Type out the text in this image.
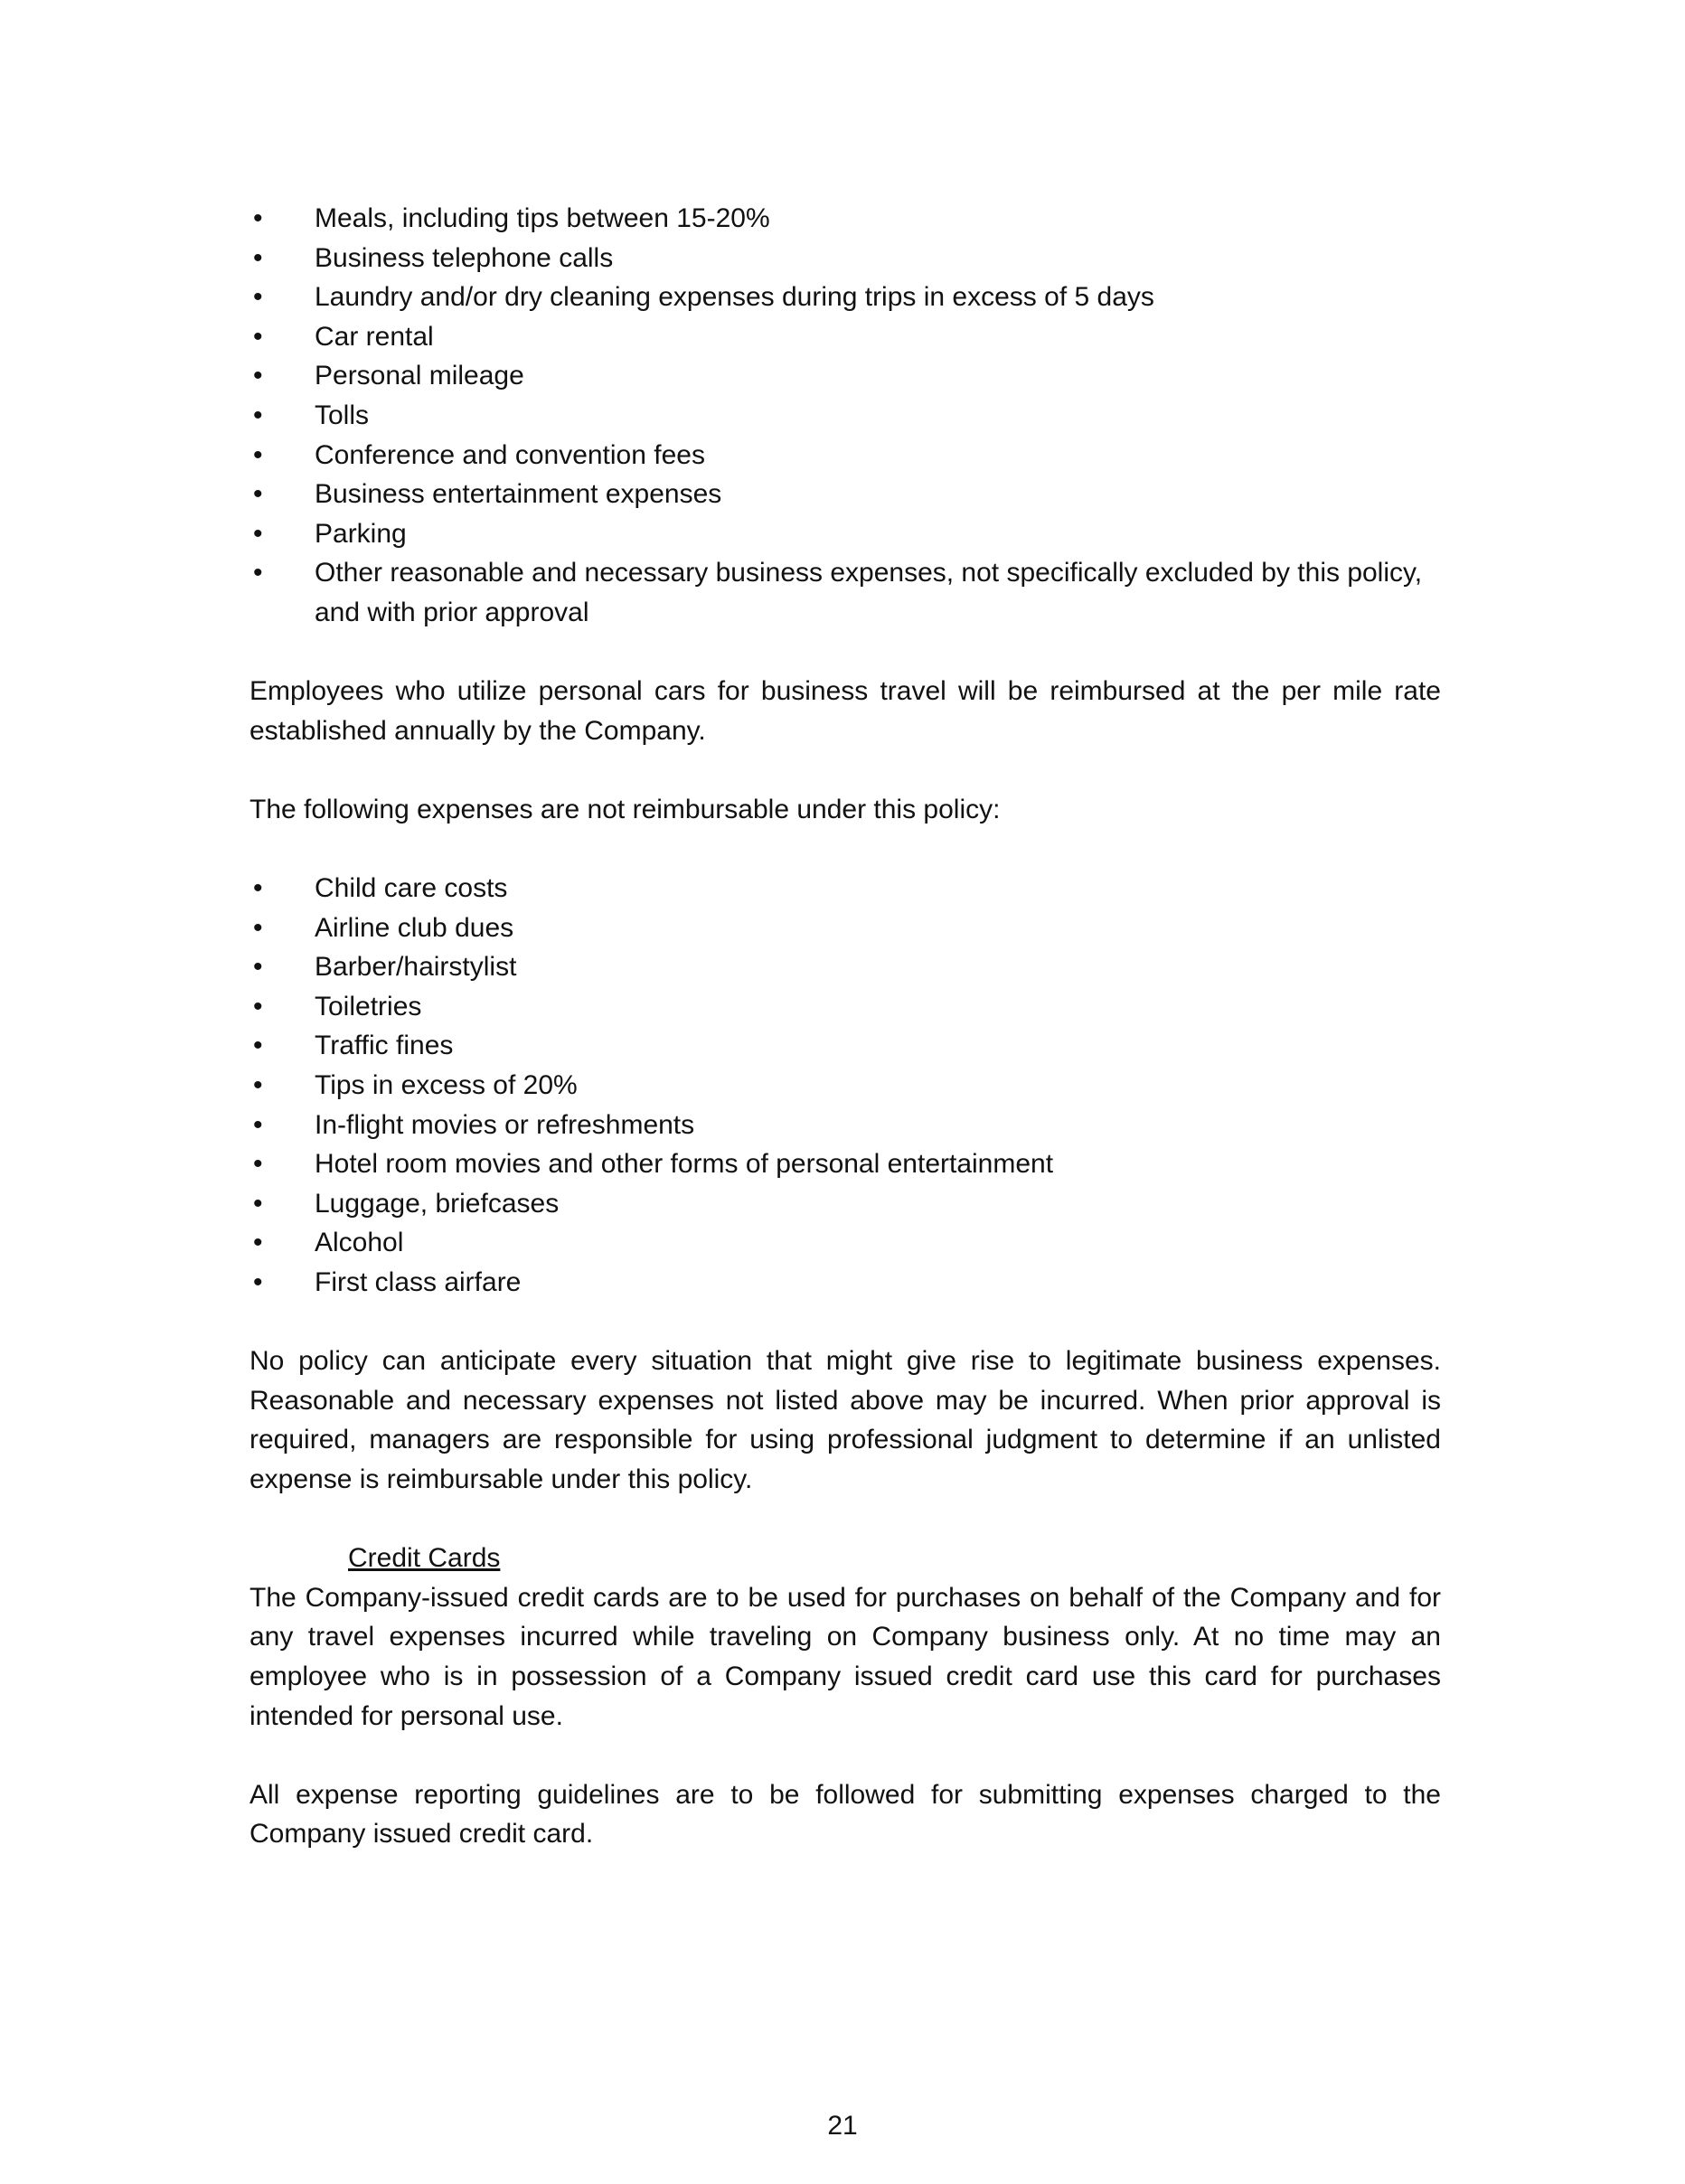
• Meals, including tips between 15-20%
• Business telephone calls
• Laundry and/or dry cleaning expenses during trips in excess of 5 days
• Car rental
• Personal mileage
• Tolls
• Conference and convention fees
• Business entertainment expenses
• Parking
• Other reasonable and necessary business expenses, not specifically excluded by this policy, and with prior approval

Employees who utilize personal cars for business travel will be reimbursed at the per mile rate established annually by the Company.

The following expenses are not reimbursable under this policy:

• Child care costs
• Airline club dues
• Barber/hairstylist
• Toiletries
• Traffic fines
• Tips in excess of 20%
• In-flight movies or refreshments
• Hotel room movies and other forms of personal entertainment
• Luggage, briefcases
• Alcohol
• First class airfare

No policy can anticipate every situation that might give rise to legitimate business expenses. Reasonable and necessary expenses not listed above may be incurred. When prior approval is required, managers are responsible for using professional judgment to determine if an unlisted expense is reimbursable under this policy.

Credit Cards

The Company-issued credit cards are to be used for purchases on behalf of the Company and for any travel expenses incurred while traveling on Company business only. At no time may an employee who is in possession of a Company issued credit card use this card for purchases intended for personal use.

All expense reporting guidelines are to be followed for submitting expenses charged to the Company issued credit card.

21
